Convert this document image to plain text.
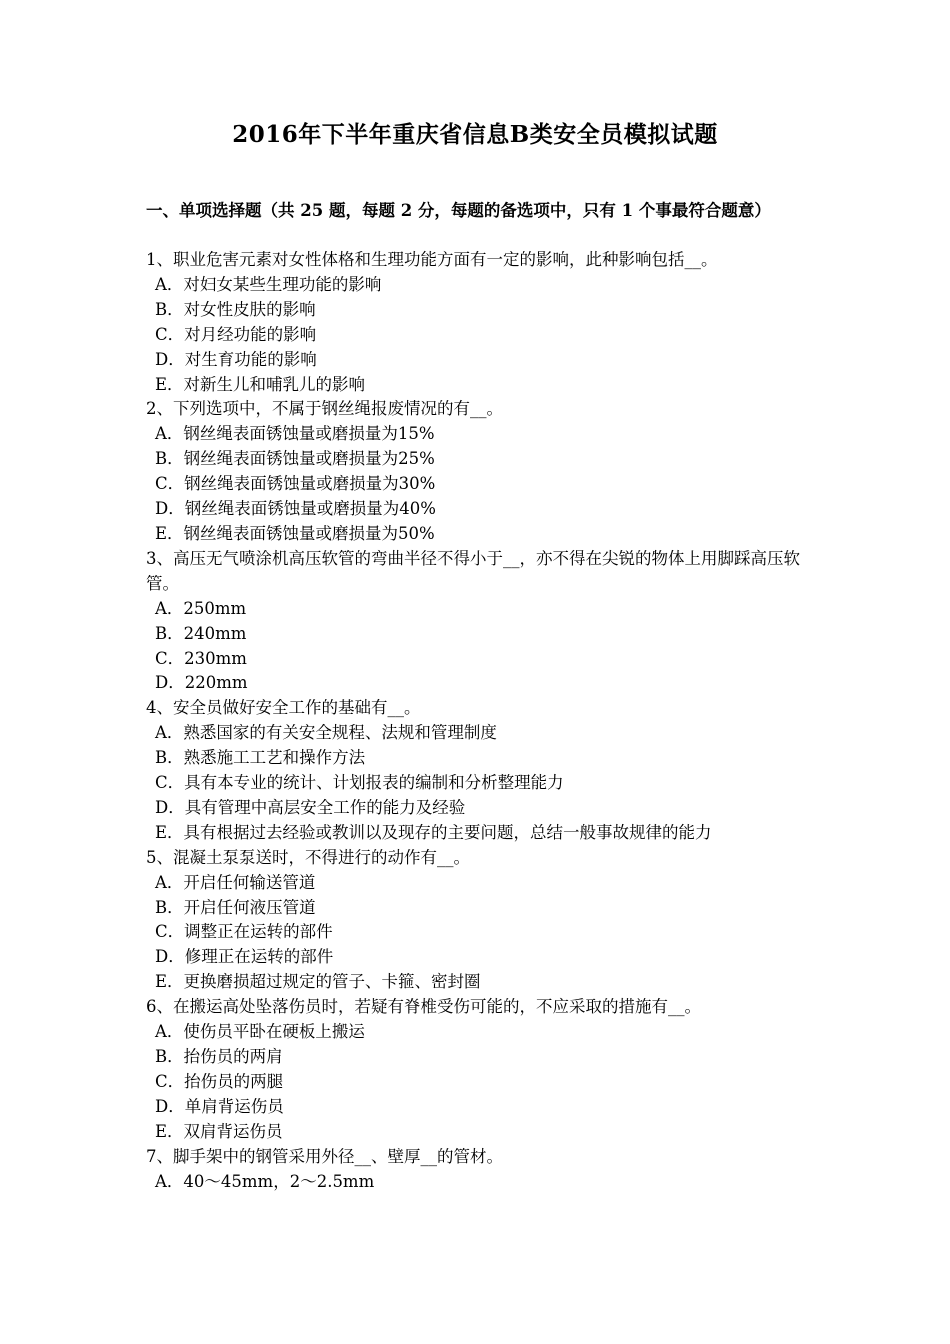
2016年下半年重庆省信息B类安全员模拟试题
一、单项选择题（共 25 题，每题 2 分，每题的备选项中，只有 1 个事最符合题意）
1、职业危害元素对女性体格和生理功能方面有一定的影响，此种影响包括__。
A．对妇女某些生理功能的影响
B．对女性皮肤的影响
C．对月经功能的影响
D．对生育功能的影响
E．对新生儿和哺乳儿的影响
2、下列选项中，不属于钢丝绳报废情况的有__。
A．钢丝绳表面锈蚀量或磨损量为15%
B．钢丝绳表面锈蚀量或磨损量为25%
C．钢丝绳表面锈蚀量或磨损量为30%
D．钢丝绳表面锈蚀量或磨损量为40%
E．钢丝绳表面锈蚀量或磨损量为50%
3、高压无气喷涂机高压软管的弯曲半径不得小于__，亦不得在尖锐的物体上用脚踩高压软管。
A．250mm
B．240mm
C．230mm
D．220mm
4、安全员做好安全工作的基础有__。
A．熟悉国家的有关安全规程、法规和管理制度
B．熟悉施工工艺和操作方法
C．具有本专业的统计、计划报表的编制和分析整理能力
D．具有管理中高层安全工作的能力及经验
E．具有根据过去经验或教训以及现存的主要问题，总结一般事故规律的能力
5、混凝土泵泵送时，不得进行的动作有__。
A．开启任何输送管道
B．开启任何液压管道
C．调整正在运转的部件
D．修理正在运转的部件
E．更换磨损超过规定的管子、卡箍、密封圈
6、在搬运高处坠落伤员时，若疑有脊椎受伤可能的，不应采取的措施有__。
A．使伤员平卧在硬板上搬运
B．抬伤员的两肩
C．抬伤员的两腿
D．单肩背运伤员
E．双肩背运伤员
7、脚手架中的钢管采用外径__、壁厚__的管材。
A．40～45mm，2～2.5mm
